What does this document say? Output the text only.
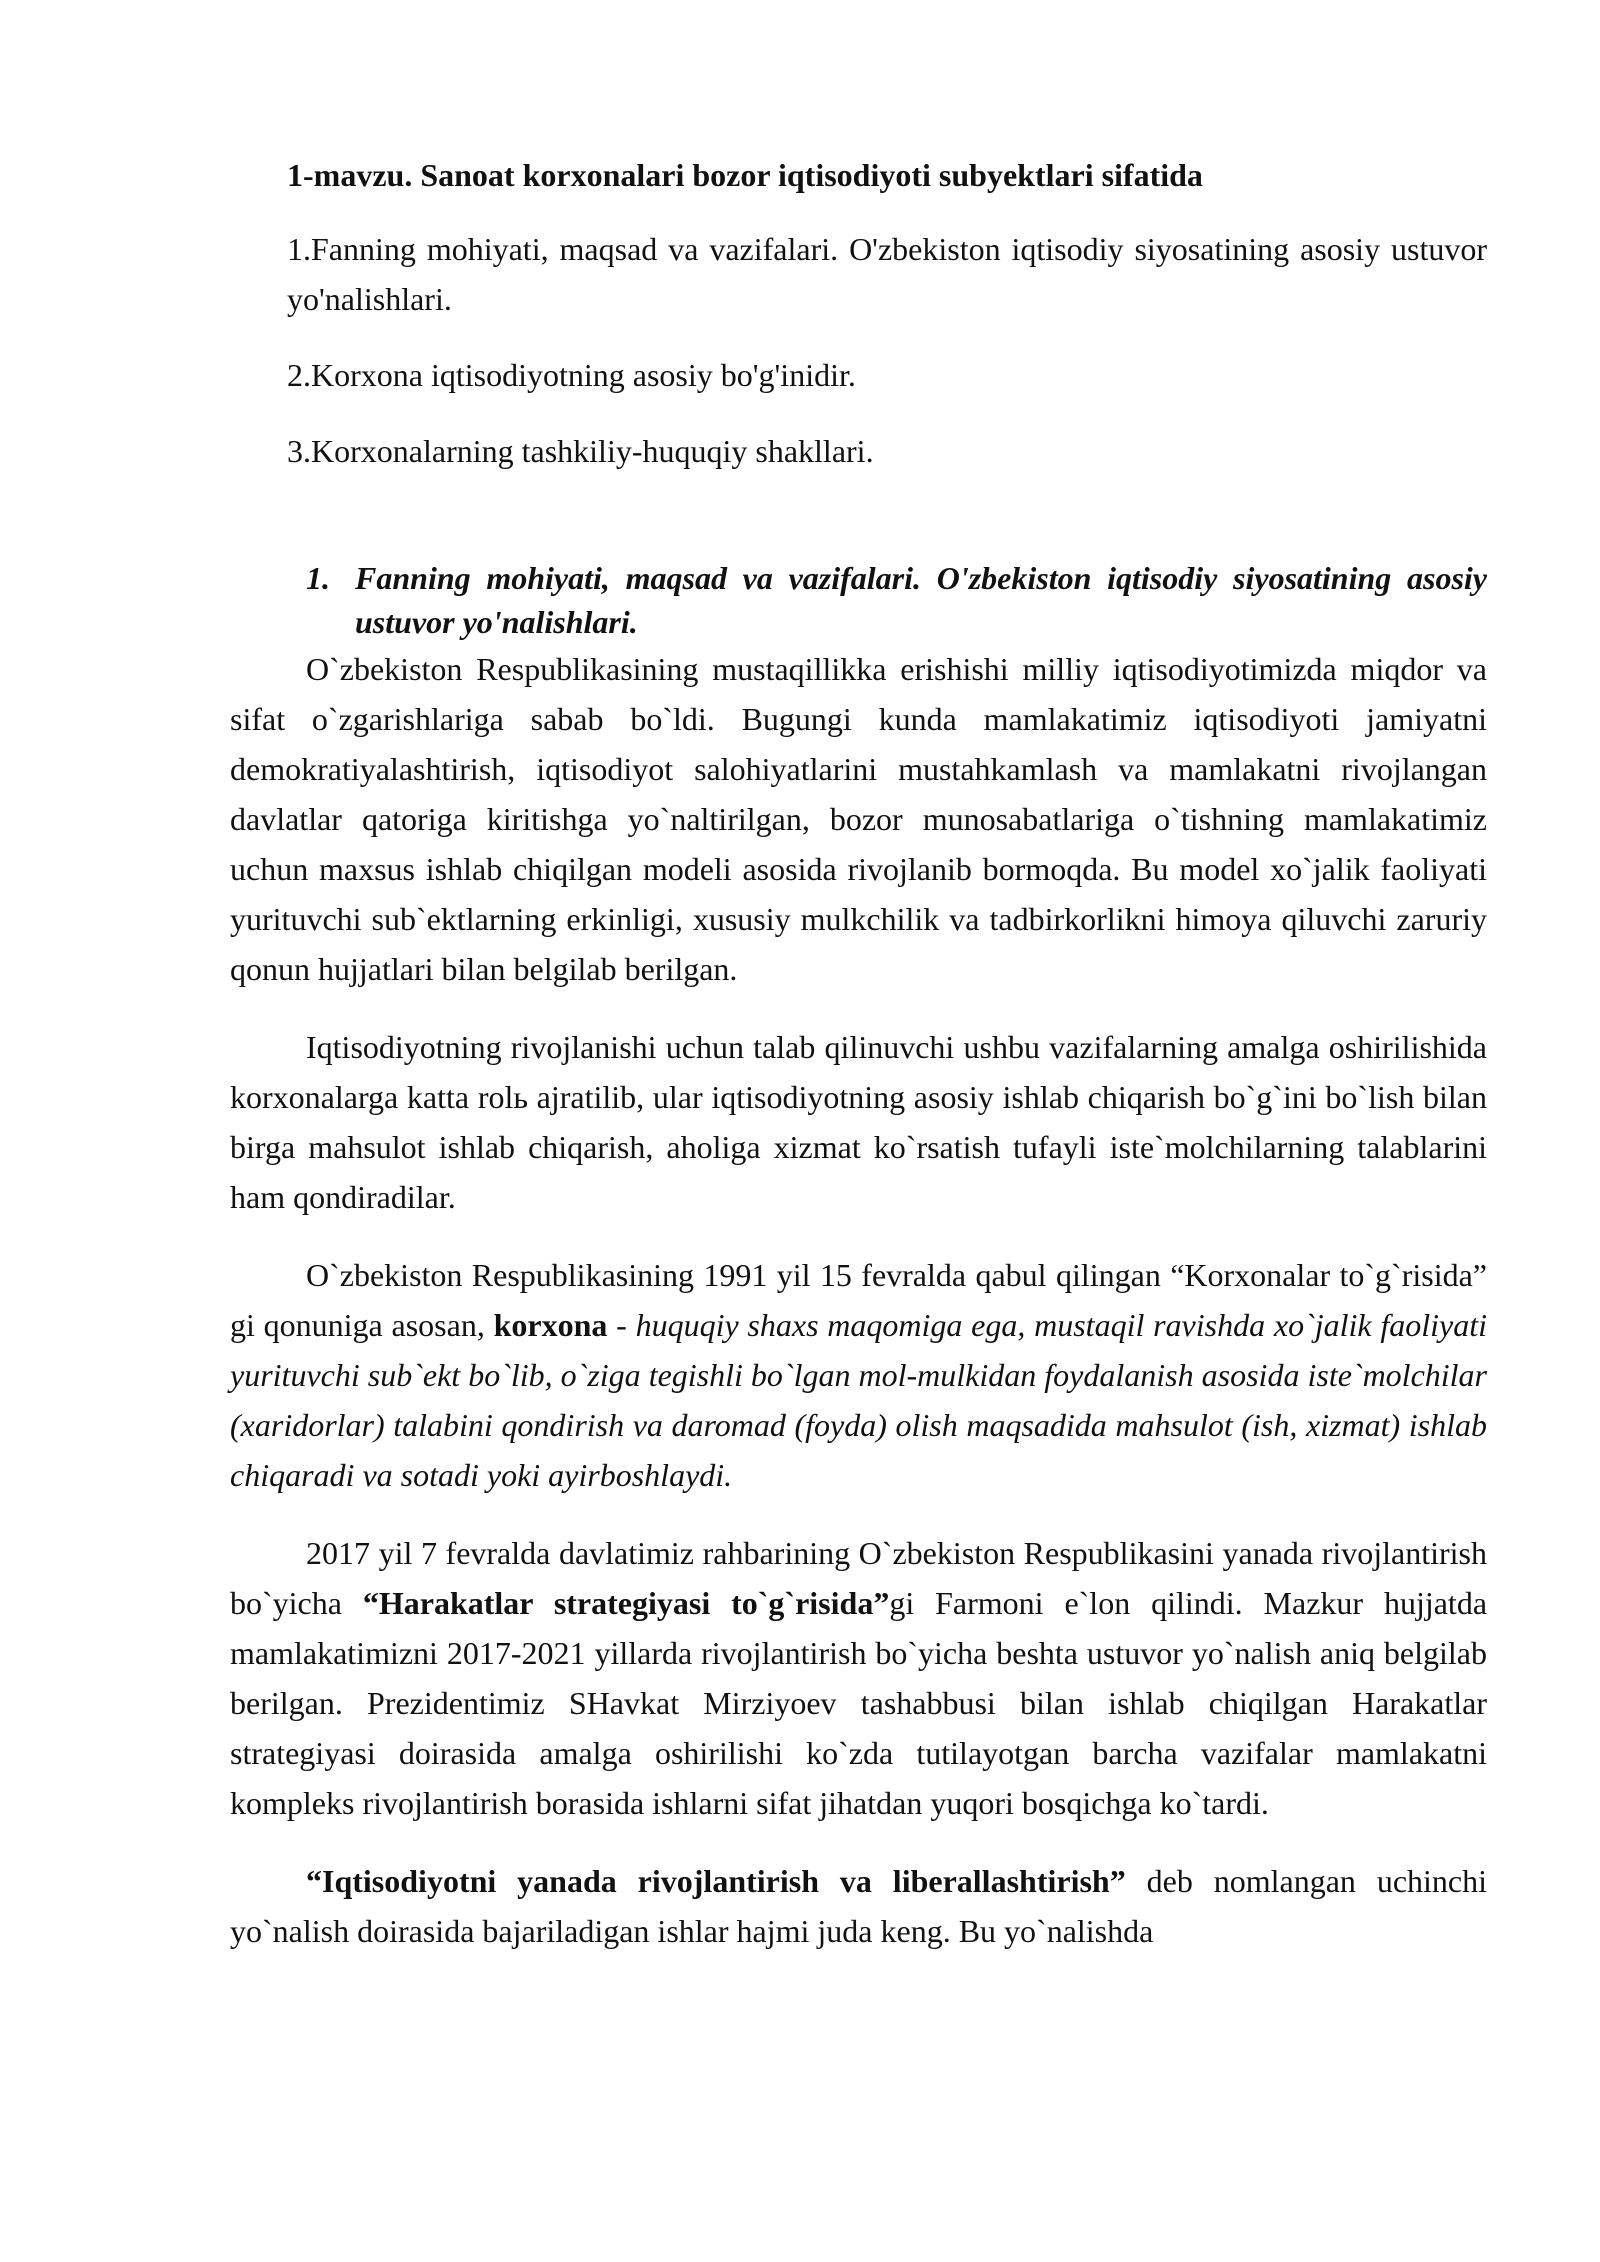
1-mavzu. Sanoat korxonalari bozor iqtisodiyoti subyektlari sifatida
1.Fanning mohiyati, maqsad va vazifalari. O'zbekiston iqtisodiy siyosatining asosiy ustuvor yo'nalishlari.
2.Korxona iqtisodiyotning asosiy bo'g'inidir.
3.Korxonalarning tashkiliy-huquqiy shakllari.
1. Fanning mohiyati, maqsad va vazifalari. O'zbekiston iqtisodiy siyosatining asosiy ustuvor yo'nalishlari.

O`zbekiston Respublikasining mustaqillikka erishishi milliy iqtisodiyotimizda miqdor va sifat o`zgarishlariga sabab bo`ldi. Bugungi kunda mamlakatimiz iqtisodiyoti jamiyatni demokratiyalashtirish, iqtisodiyot salohiyatlarini mustahkamlash va mamlakatni rivojlangan davlatlar qatoriga kiritishga yo`naltirilgan, bozor munosabatlariga o`tishning mamlakatimiz uchun maxsus ishlab chiqilgan modeli asosida rivojlanib bormoqda. Bu model xo`jalik faoliyati yurituvchi sub`ektlarning erkinligi, xususiy mulkchilik va tadbirkorlikni himoya qiluvchi zaruriy qonun hujjatlari bilan belgilab berilgan.

Iqtisodiyotning rivojlanishi uchun talab qilinuvchi ushbu vazifalarning amalga oshirilishida korxonalarga katta rolь ajratilib, ular iqtisodiyotning asosiy ishlab chiqarish bo`g`ini bo`lish bilan birga mahsulot ishlab chiqarish, aholiga xizmat ko`rsatish tufayli iste`molchilarning talablarini ham qondiradilar.

O`zbekiston Respublikasining 1991 yil 15 fevralda qabul qilingan “Korxonalar to`g`risida” gi qonuniga asosan, korxona - huquqiy shaxs maqomiga ega, mustaqil ravishda xo`jalik faoliyati yurituvchi sub`ekt bo`lib, o`ziga tegishli bo`lgan mol-mulkidan foydalanish asosida iste`molchilar (xaridorlar) talabini qondirish va daromad (foyda) olish maqsadida mahsulot (ish, xizmat) ishlab chiqaradi va sotadi yoki ayirboshlaydi.

2017 yil 7 fevralda davlatimiz rahbarining O`zbekiston Respublikasini yanada rivojlantirish bo`yicha “Harakatlar strategiyasi to`g`risida”gi Farmoni e`lon qilindi. Mazkur hujjatda mamlakatimizni 2017-2021 yillarda rivojlantirish bo`yicha beshta ustuvor yo`nalish aniq belgilab berilgan. Prezidentimiz SHavkat Mirziyoev tashabbusi bilan ishlab chiqilgan Harakatlar strategiyasi doirasida amalga oshirilishi ko`zda tutilayotgan barcha vazifalar mamlakatni kompleks rivojlantirish borasida ishlarni sifat jihatdan yuqori bosqichga ko`tardi.

“Iqtisodiyotni yanada rivojlantirish va liberallashtirish” deb nomlangan uchinchi yo`nalish doirasida bajariladigan ishlar hajmi juda keng. Bu yo`nalishda
